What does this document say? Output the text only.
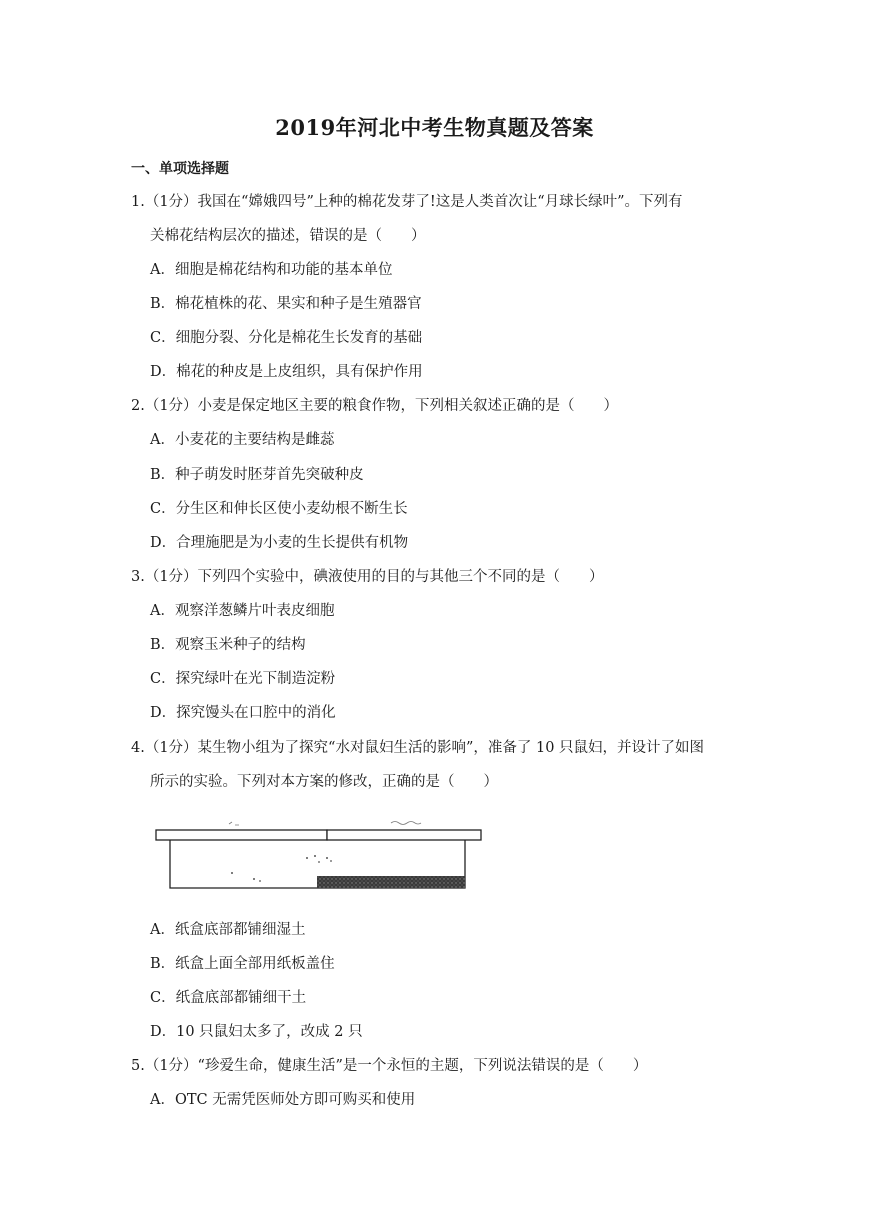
2019年河北中考生物真题及答案
一、单项选择题
1.（1分）我国在“嫦娥四号”上种的棉花发芽了!这是人类首次让“月球长绿叶”。下列有
关棉花结构层次的描述，错误的是（　　）
A．细胞是棉花结构和功能的基本单位
B．棉花植株的花、果实和种子是生殖器官
C．细胞分裂、分化是棉花生长发育的基础
D．棉花的种皮是上皮组织，具有保护作用
2.（1分）小麦是保定地区主要的粮食作物，下列相关叙述正确的是（　　）
A．小麦花的主要结构是雌蕊
B．种子萌发时胚芽首先突破种皮
C．分生区和伸长区使小麦幼根不断生长
D．合理施肥是为小麦的生长提供有机物
3.（1分）下列四个实验中，碘液使用的目的与其他三个不同的是（　　）
A．观察洋葱鳞片叶表皮细胞
B．观察玉米种子的结构
C．探究绿叶在光下制造淀粉
D．探究馒头在口腔中的消化
4.（1分）某生物小组为了探究“水对鼠妇生活的影响”，准备了 10 只鼠妇，并设计了如图
所示的实验。下列对本方案的修改，正确的是（　　）
A．纸盒底部都铺细湿土
B．纸盒上面全部用纸板盖住
C．纸盒底部都铺细干土
D．10 只鼠妇太多了，改成 2 只
5.（1分）“珍爱生命，健康生活”是一个永恒的主题，下列说法错误的是（　　）
A．OTC 无需凭医师处方即可购买和使用
